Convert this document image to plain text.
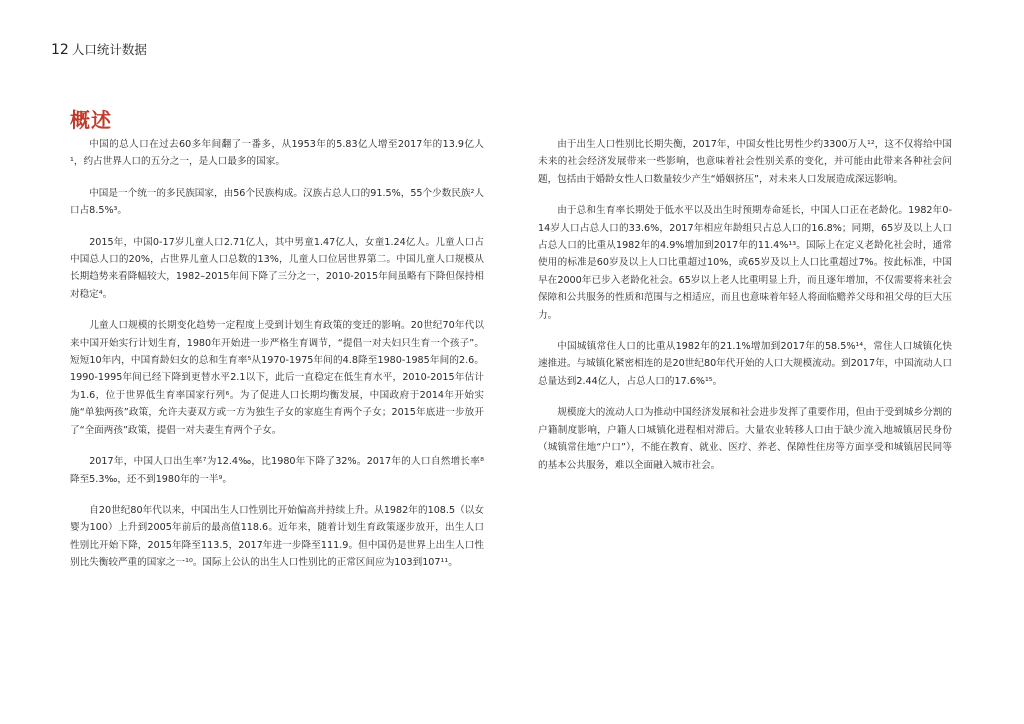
12 人口统计数据
概述

中国的总人口在过去60多年间翻了一番多，从1953年的5.83亿人增至2017年的13.9亿人¹，约占世界人口的五分之一，是人口最多的国家。

中国是一个统一的多民族国家，由56个民族构成。汉族占总人口的91.5%，55个少数民族²人口占8.5%³。

2015年，中国0-17岁儿童人口2.71亿人，其中男童1.47亿人，女童1.24亿人。儿童人口占中国总人口的20%，占世界儿童人口总数的13%，儿童人口位居世界第二。中国儿童人口规模从长期趋势来看降幅较大，1982–2015年间下降了三分之一，2010-2015年间虽略有下降但保持相对稳定⁴。

儿童人口规模的长期变化趋势一定程度上受到计划生育政策的变迁的影响。20世纪70年代以来中国开始实行计划生育，1980年开始进一步严格生育调节，“提倡一对夫妇只生育一个孩子”。短短10年内，中国育龄妇女的总和生育率⁵从1970-1975年间的4.8降至1980-1985年间的2.6。1990-1995年间已经下降到更替水平2.1以下，此后一直稳定在低生育水平，2010-2015年估计为1.6，位于世界低生育率国家行列⁶。为了促进人口长期均衡发展，中国政府于2014年开始实施“单独两孩”政策，允许夫妻双方或一方为独生子女的家庭生育两个子女；2015年底进一步放开了“全面两孩”政策，提倡一对夫妻生育两个子女。

2017年，中国人口出生率⁷为12.4‰，比1980年下降了32%。2017年的人口自然增长率⁸降至5.3‰，还不到1980年的一半⁹。

自20世纪80年代以来，中国出生人口性别比开始偏高并持续上升。从1982年的108.5（以女婴为100）上升到2005年前后的最高值118.6。近年来，随着计划生育政策逐步放开，出生人口性别比开始下降，2015年降至113.5，2017年进一步降至111.9。但中国仍是世界上出生人口性别比失衡较严重的国家之一¹⁰。国际上公认的出生人口性别比的正常区间应为103到107¹¹。

由于出生人口性别比长期失衡，2017年，中国女性比男性少约3300万人¹²，这不仅将给中国未来的社会经济发展带来一些影响，也意味着社会性别关系的变化，并可能由此带来各种社会问题，包括由于婚龄女性人口数量较少产生“婚姻挤压”，对未来人口发展造成深远影响。

由于总和生育率长期处于低水平以及出生时预期寿命延长，中国人口正在老龄化。1982年0-14岁人口占总人口的33.6%，2017年相应年龄组只占总人口的16.8%；同期，65岁及以上人口占总人口的比重从1982年的4.9%增加到2017年的11.4%¹³。国际上在定义老龄化社会时，通常使用的标准是60岁及以上人口比重超过10%，或65岁及以上人口比重超过7%。按此标准，中国早在2000年已步入老龄化社会。65岁以上老人比重明显上升，而且逐年增加，不仅需要将来社会保障和公共服务的性质和范围与之相适应，而且也意味着年轻人将面临赡养父母和祖父母的巨大压力。

中国城镇常住人口的比重从1982年的21.1%增加到2017年的58.5%¹⁴，常住人口城镇化快速推进。与城镇化紧密相连的是20世纪80年代开始的人口大规模流动。到2017年，中国流动人口总量达到2.44亿人，占总人口的17.6%¹⁵。

规模庞大的流动人口为推动中国经济发展和社会进步发挥了重要作用，但由于受到城乡分割的户籍制度影响，户籍人口城镇化进程相对滞后。大量农业转移人口由于缺少流入地城镇居民身份（城镇常住地“户口”），不能在教育、就业、医疗、养老、保障性住房等方面享受和城镇居民同等的基本公共服务，难以全面融入城市社会。
